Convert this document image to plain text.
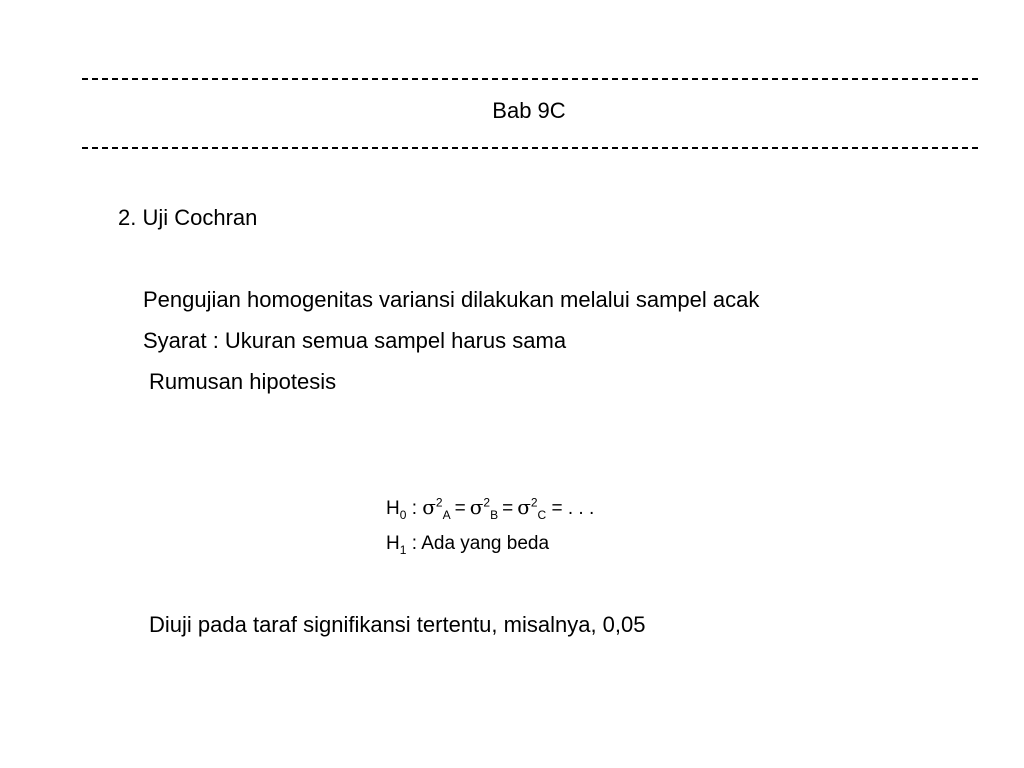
Bab 9C
2. Uji Cochran
Pengujian homogenitas variansi dilakukan melalui sampel acak
Syarat : Ukuran semua sampel harus sama
Rumusan hipotesis
$H_0$ : $\sigma^2_A = \sigma^2_B = \sigma^2_C$ = . . .
$H_1$ : Ada yang beda
Diuji pada taraf signifikansi tertentu, misalnya, 0,05
